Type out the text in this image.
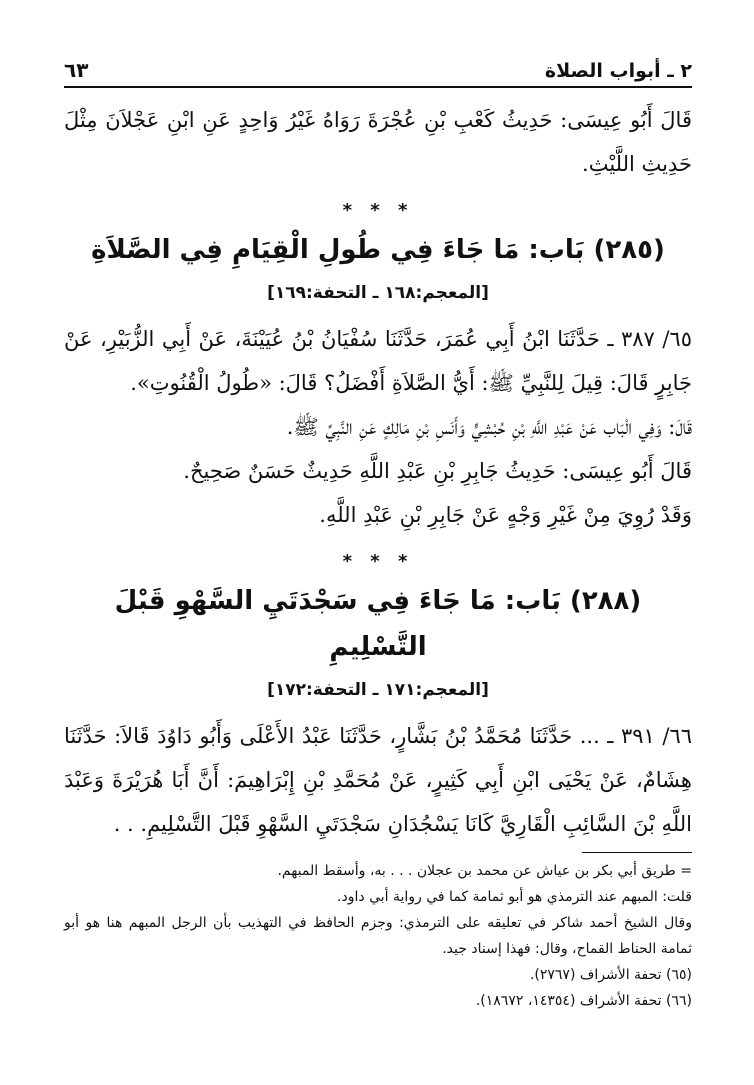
٢ ـ أبواب الصلاة
٦٣

قَالَ أَبُو عِيسَى: حَدِيثُ كَعْبِ بْنِ عُجْرَةَ رَوَاهُ غَيْرُ وَاحِدٍ عَنِ ابْنِ عَجْلاَنَ مِثْلَ حَدِيثِ اللَّيْثِ.

* * *
(٢٨٥) بَاب: مَا جَاءَ فِي طُولِ الْقِيَامِ فِي الصَّلاَةِ
[المعجم:١٦٨ ـ التحفة:١٦٩]

٦٥/ ٣٨٧ ـ حَدَّثَنَا ابْنُ أَبِي عُمَرَ، حَدَّثَنَا سُفْيَانُ بْنُ عُيَيْنَةَ، عَنْ أَبِي الزُّبَيْرِ، عَنْ جَابِرٍ قَالَ: قِيلَ لِلنَّبِيِّ ﷺ: أَيُّ الصَّلاَةِ أَفْضَلُ؟ قَالَ: «طُولُ الْقُنُوتِ».

قَالَ: وَفِي الْبَاب عَنْ عَبْدِ اللَّهِ بْنِ حُبْشِيٍّ وَأَنَسِ بْنِ مَالِكٍ عَنِ النَّبِيِّ ﷺ.

قَالَ أَبُو عِيسَى: حَدِيثُ جَابِرِ بْنِ عَبْدِ اللَّهِ حَدِيثٌ حَسَنٌ صَحِيحٌ.

وَقَدْ رُوِيَ مِنْ غَيْرِ وَجْهٍ عَنْ جَابِرِ بْنِ عَبْدِ اللَّهِ.

* * *
(٢٨٨) بَاب: مَا جَاءَ فِي سَجْدَتَيِ السَّهْوِ قَبْلَ التَّسْلِيمِ
[المعجم:١٧١ ـ التحفة:١٧٢]

٦٦/ ٣٩١ ـ ... حَدَّثَنَا مُحَمَّدُ بْنُ بَشَّارٍ، حَدَّثَنَا عَبْدُ الأَعْلَى وَأَبُو دَاوُدَ قَالاَ: حَدَّثَنَا هِشَامٌ، عَنْ يَحْيَى ابْنِ أَبِي كَثِيرٍ، عَنْ مُحَمَّدِ بْنِ إِبْرَاهِيمَ: أَنَّ أَبَا هُرَيْرَةَ وَعَبْدَ اللَّهِ بْنَ السَّائِبِ الْقَارِيَّ كَانَا يَسْجُدَانِ سَجْدَتَيِ السَّهْوِ قَبْلَ التَّسْلِيمِ. . .

= طريق أبي بكر بن عياش عن محمد بن عجلان . . . به، وأسقط المبهم.

قلت: المبهم عند الترمذي هو أبو ثمامة كما في رواية أبي داود.

وقال الشيخ أحمد شاكر في تعليقه على الترمذي: وجزم الحافظ في التهذيب بأن الرجل المبهم هنا هو أبو ثمامة الحناط القماح، وقال: فهذا إسناد جيد.

(٦٥) تحفة الأشراف (٢٧٦٧).

(٦٦) تحفة الأشراف (١٤٣٥٤، ١٨٦٧٢).
